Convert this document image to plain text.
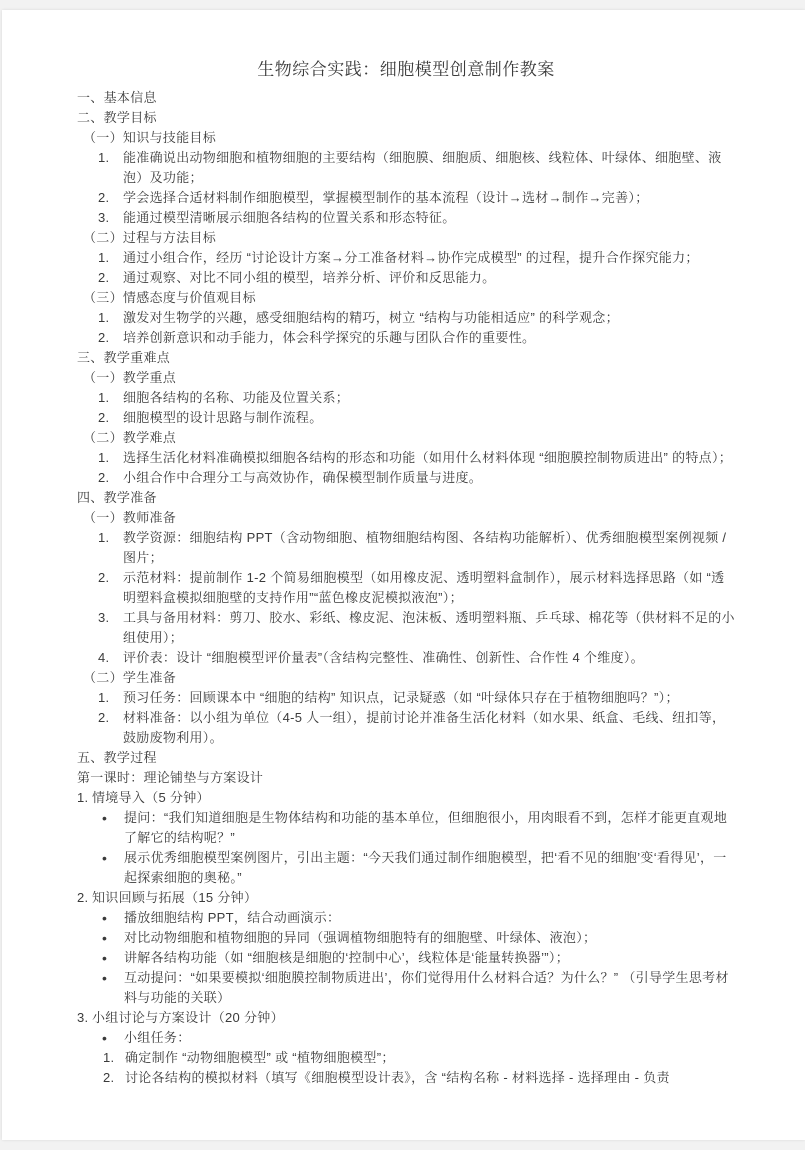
生物综合实践：细胞模型创意制作教案
一、基本信息
二、教学目标
（一）知识与技能目标
1. 能准确说出动物细胞和植物细胞的主要结构（细胞膜、细胞质、细胞核、线粒体、叶绿体、细胞壁、液泡）及功能；
2. 学会选择合适材料制作细胞模型，掌握模型制作的基本流程（设计→选材→制作→完善）；
3. 能通过模型清晰展示细胞各结构的位置关系和形态特征。
（二）过程与方法目标
1. 通过小组合作，经历 “讨论设计方案→分工准备材料→协作完成模型” 的过程，提升合作探究能力；
2. 通过观察、对比不同小组的模型，培养分析、评价和反思能力。
（三）情感态度与价值观目标
1. 激发对生物学的兴趣，感受细胞结构的精巧，树立 “结构与功能相适应” 的科学观念；
2. 培养创新意识和动手能力，体会科学探究的乐趣与团队合作的重要性。
三、教学重难点
（一）教学重点
1. 细胞各结构的名称、功能及位置关系；
2. 细胞模型的设计思路与制作流程。
（二）教学难点
1. 选择生活化材料准确模拟细胞各结构的形态和功能（如用什么材料体现 “细胞膜控制物质进出” 的特点）；
2. 小组合作中合理分工与高效协作，确保模型制作质量与进度。
四、教学准备
（一）教师准备
1. 教学资源：细胞结构 PPT（含动物细胞、植物细胞结构图、各结构功能解析）、优秀细胞模型案例视频 / 图片；
2. 示范材料：提前制作 1-2 个简易细胞模型（如用橡皮泥、透明塑料盒制作），展示材料选择思路（如 “透明塑料盒模拟细胞壁的支持作用”“蓝色橡皮泥模拟液泡”）；
3. 工具与备用材料：剪刀、胶水、彩纸、橡皮泥、泡沫板、透明塑料瓶、乒乓球、棉花等（供材料不足的小组使用）；
4. 评价表：设计 “细胞模型评价量表”（含结构完整性、准确性、创新性、合作性 4 个维度）。
（二）学生准备
1. 预习任务：回顾课本中 “细胞的结构” 知识点，记录疑惑（如 “叶绿体只存在于植物细胞吗？”）；
2. 材料准备：以小组为单位（4-5 人一组），提前讨论并准备生活化材料（如水果、纸盒、毛线、纽扣等，鼓励废物利用）。
五、教学过程
第一课时：理论铺垫与方案设计
1. 情境导入（5 分钟）
• 提问：“我们知道细胞是生物体结构和功能的基本单位，但细胞很小，用肉眼看不到，怎样才能更直观地了解它的结构呢？”
• 展示优秀细胞模型案例图片，引出主题：“今天我们通过制作细胞模型，把‘看不见的细胞’变‘看得见’，一起探索细胞的奥秘。”
2. 知识回顾与拓展（15 分钟）
• 播放细胞结构 PPT，结合动画演示：
• 对比动物细胞和植物细胞的异同（强调植物细胞特有的细胞壁、叶绿体、液泡）；
• 讲解各结构功能（如 “细胞核是细胞的‘控制中心’，线粒体是‘能量转换器’”）；
• 互动提问：“如果要模拟‘细胞膜控制物质进出’，你们觉得用什么材料合适？为什么？” （引导学生思考材料与功能的关联）
3. 小组讨论与方案设计（20 分钟）
• 小组任务：
1. 确定制作 “动物细胞模型” 或 “植物细胞模型”；
2. 讨论各结构的模拟材料（填写《细胞模型设计表》，含 “结构名称 - 材料选择 - 选择理由 - 负责
